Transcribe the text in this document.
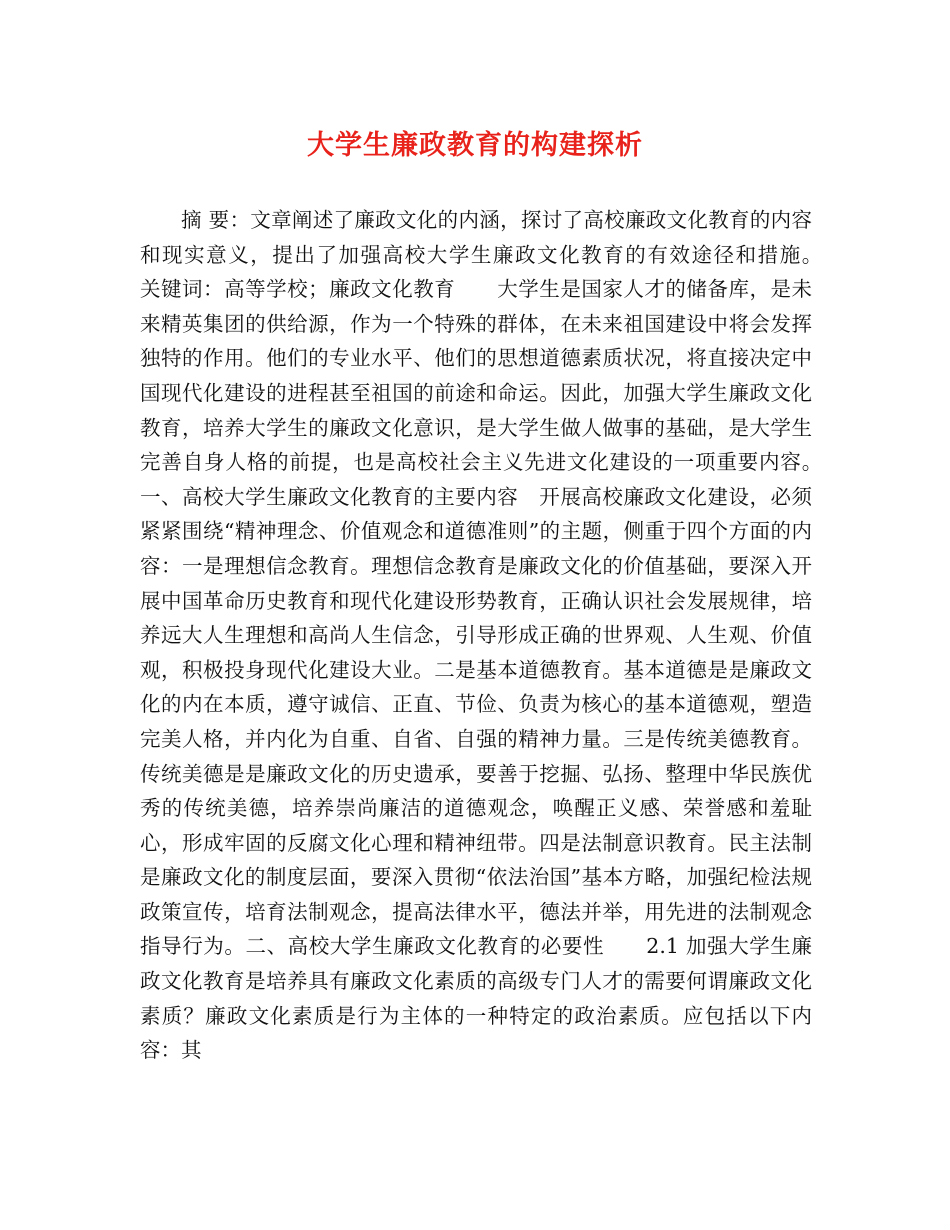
大学生廉政教育的构建探析

摘 要：文章阐述了廉政文化的内涵，探讨了高校廉政文化教育的内容和现实意义，提出了加强高校大学生廉政文化教育的有效途径和措施。　　关键词：高等学校；廉政文化教育　　大学生是国家人才的储备库，是未来精英集团的供给源，作为一个特殊的群体，在未来祖国建设中将会发挥独特的作用。他们的专业水平、他们的思想道德素质状况，将直接决定中国现代化建设的进程甚至祖国的前途和命运。因此，加强大学生廉政文化教育，培养大学生的廉政文化意识，是大学生做人做事的基础，是大学生完善自身人格的前提，也是高校社会主义先进文化建设的一项重要内容。　　一、高校大学生廉政文化教育的主要内容　开展高校廉政文化建设，必须紧紧围绕“精神理念、价值观念和道德准则”的主题，侧重于四个方面的内容：一是理想信念教育。理想信念教育是廉政文化的价值基础，要深入开展中国革命历史教育和现代化建设形势教育，正确认识社会发展规律，培养远大人生理想和高尚人生信念，引导形成正确的世界观、人生观、价值观，积极投身现代化建设大业。二是基本道德教育。基本道德是是廉政文化的内在本质，遵守诚信、正直、节俭、负责为核心的基本道德观，塑造完美人格，并内化为自重、自省、自强的精神力量。三是传统美德教育。传统美德是是廉政文化的历史遗承，要善于挖掘、弘扬、整理中华民族优秀的传统美德，培养崇尚廉洁的道德观念，唤醒正义感、荣誉感和羞耻心，形成牢固的反腐文化心理和精神纽带。四是法制意识教育。民主法制是廉政文化的制度层面，要深入贯彻“依法治国”基本方略，加强纪检法规政策宣传，培育法制观念，提高法律水平，德法并举，用先进的法制观念指导行为。二、高校大学生廉政文化教育的必要性　　2.1 加强大学生廉政文化教育是培养具有廉政文化素质的高级专门人才的需要何谓廉政文化素质？廉政文化素质是行为主体的一种特定的政治素质。应包括以下内容：其
